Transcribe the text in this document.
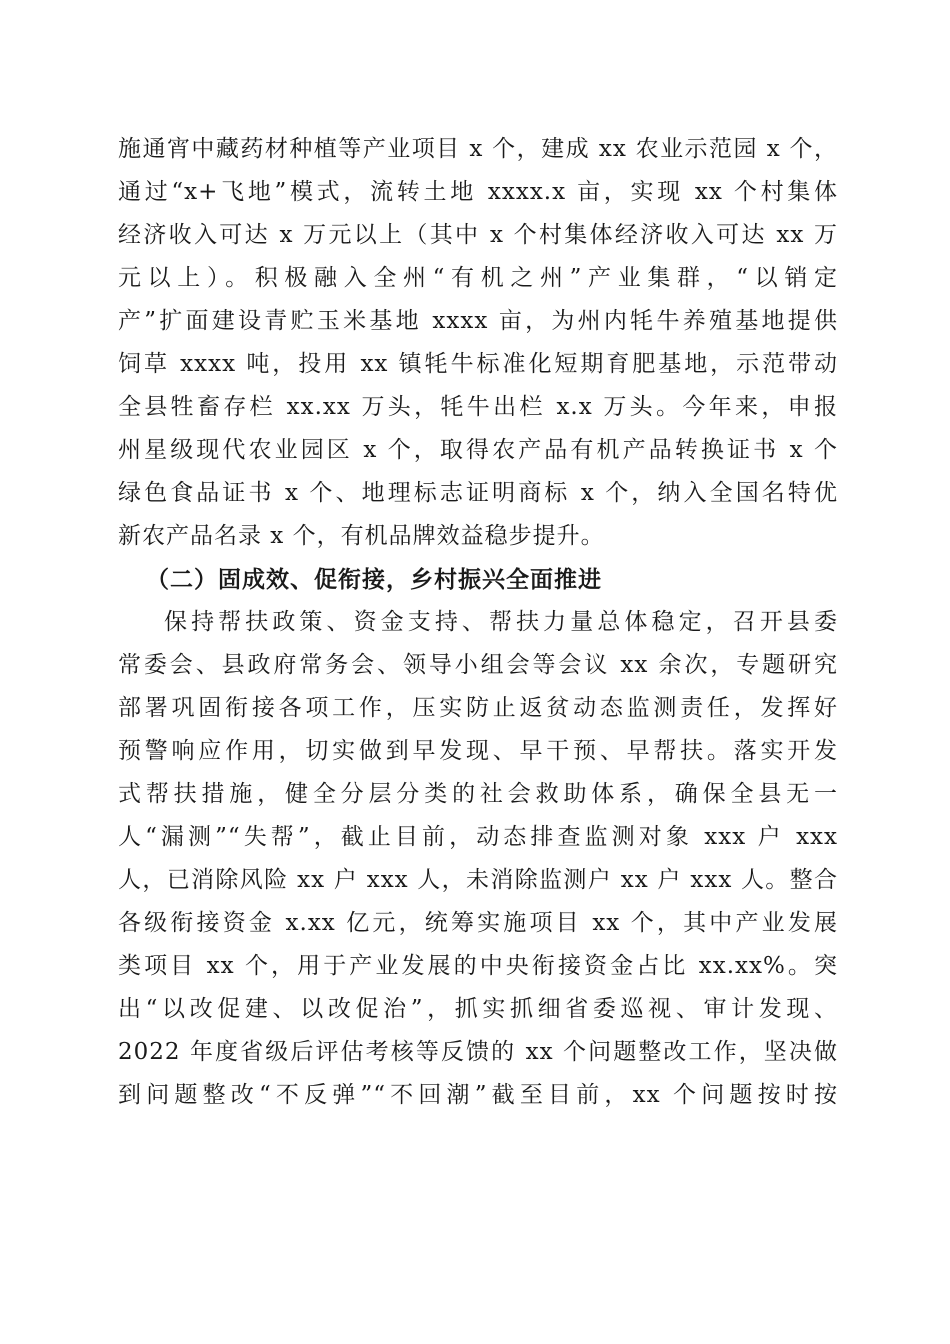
施通宵中藏药材种植等产业项目 x 个，建成 xx 农业示范园 x 个，
通过“x+飞地”模式，流转土地 xxxx.x 亩，实现 xx 个村集体
经济收入可达 x 万元以上（其中 x 个村集体经济收入可达 xx 万
元以上）。积极融入全州“有机之州”产业集群，“以销定
产”扩面建设青贮玉米基地 xxxx 亩，为州内牦牛养殖基地提供
饲草 xxxx 吨，投用 xx 镇牦牛标准化短期育肥基地，示范带动
全县牲畜存栏 xx.xx 万头，牦牛出栏 x.x 万头。今年来，申报
州星级现代农业园区 x 个，取得农产品有机产品转换证书 x 个
绿色食品证书 x 个、地理标志证明商标 x 个，纳入全国名特优
新农产品名录 x 个，有机品牌效益稳步提升。
（二）固成效、促衔接，乡村振兴全面推进
保持帮扶政策、资金支持、帮扶力量总体稳定，召开县委
常委会、县政府常务会、领导小组会等会议 xx 余次，专题研究
部署巩固衔接各项工作，压实防止返贫动态监测责任，发挥好
预警响应作用，切实做到早发现、早干预、早帮扶。落实开发
式帮扶措施，健全分层分类的社会救助体系，确保全县无一
人“漏测”“失帮”，截止目前，动态排查监测对象 xxx 户 xxx
人，已消除风险 xx 户 xxx 人，未消除监测户 xx 户 xxx 人。整合
各级衔接资金 x.xx 亿元，统筹实施项目 xx 个，其中产业发展
类项目 xx 个，用于产业发展的中央衔接资金占比 xx.xx%。突
出“以改促建、以改促治”，抓实抓细省委巡视、审计发现、
2022 年度省级后评估考核等反馈的 xx 个问题整改工作，坚决做
到问题整改“不反弹”“不回潮”截至目前，xx 个问题按时按
